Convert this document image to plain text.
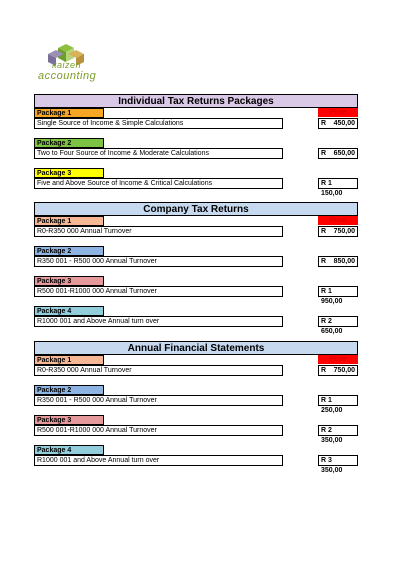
kaizen
accounting
Individual Tax Returns Packages
Package 1	Price
Single Source of Income & Simple Calculations	R 450,00
Package 2
Two to Four Source of Income & Moderate Calculations	R 650,00
Package 3
Five and Above Source of Income & Critical Calculations	R 1 150,00
Company Tax Returns
Package 1	Price
R0-R350 000 Annual Turnover	R 750,00
Package 2
R350 001 - R500 000 Annual Turnover	R 850,00
Package 3
R500 001-R1000 000 Annual Turnover	R 1 950,00
Package 4
R1000 001 and Above Annual turn over	R 2 650,00
Annual Financial Statements
Package 1	Price
R0-R350 000 Annual Turnover	R 750,00
Package 2
R350 001 - R500 000 Annual Turnover	R 1 250,00
Package 3
R500 001-R1000 000 Annual Turnover	R 2 350,00
Package 4
R1000 001 and Above Annual turn over	R 3 350,00
